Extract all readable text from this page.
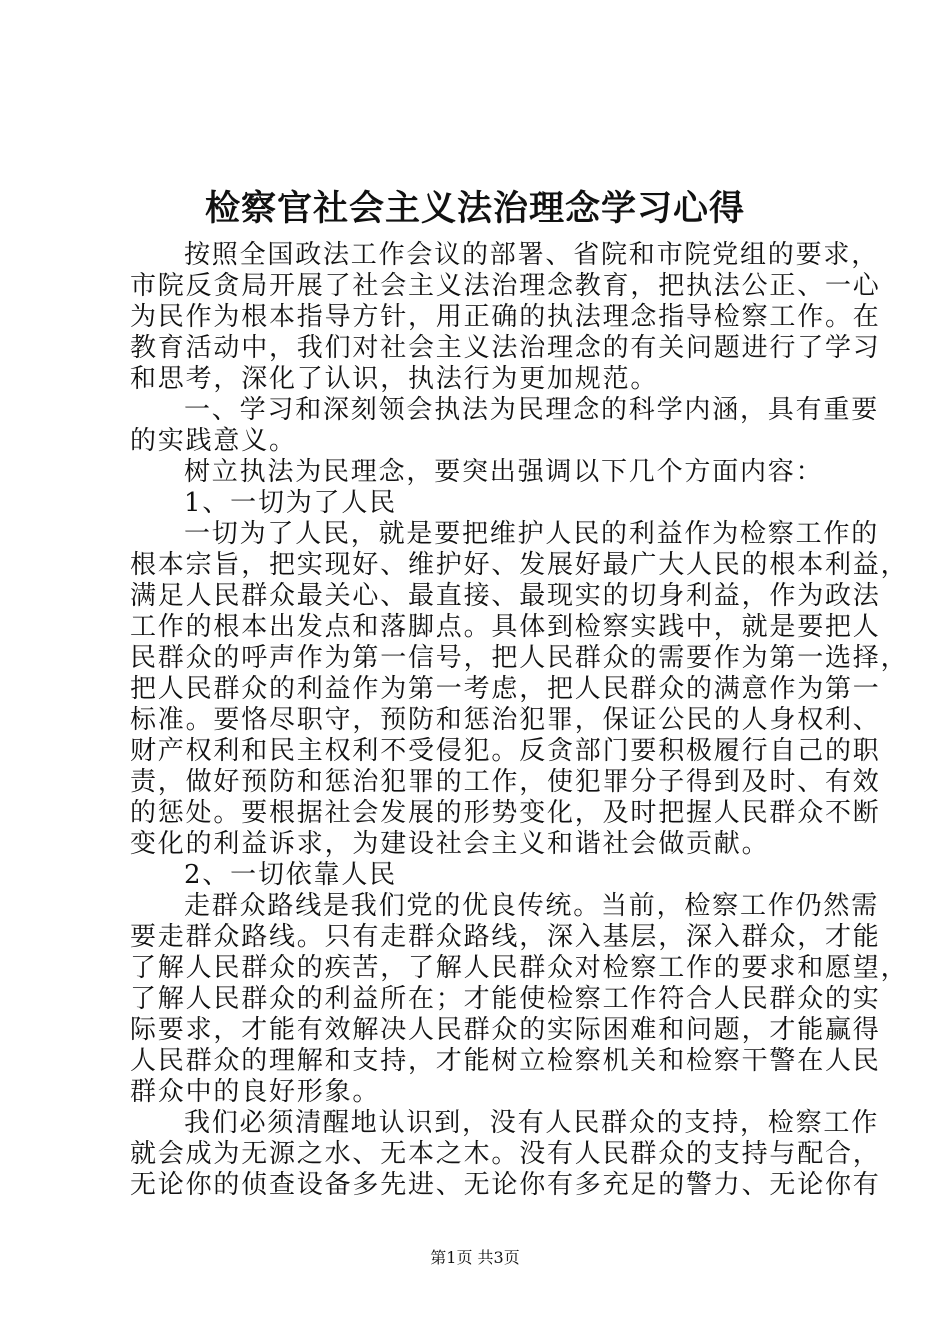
检察官社会主义法治理念学习心得
按照全国政法工作会议的部署、省院和市院党组的要求，
市院反贪局开展了社会主义法治理念教育，把执法公正、一心
为民作为根本指导方针，用正确的执法理念指导检察工作。在
教育活动中，我们对社会主义法治理念的有关问题进行了学习
和思考，深化了认识，执法行为更加规范。
一、学习和深刻领会执法为民理念的科学内涵，具有重要
的实践意义。
树立执法为民理念，要突出强调以下几个方面内容：
1、一切为了人民
一切为了人民，就是要把维护人民的利益作为检察工作的
根本宗旨，把实现好、维护好、发展好最广大人民的根本利益，
满足人民群众最关心、最直接、最现实的切身利益，作为政法
工作的根本出发点和落脚点。具体到检察实践中，就是要把人
民群众的呼声作为第一信号，把人民群众的需要作为第一选择，
把人民群众的利益作为第一考虑，把人民群众的满意作为第一
标准。要恪尽职守，预防和惩治犯罪，保证公民的人身权利、
财产权利和民主权利不受侵犯。反贪部门要积极履行自己的职
责，做好预防和惩治犯罪的工作，使犯罪分子得到及时、有效
的惩处。要根据社会发展的形势变化，及时把握人民群众不断
变化的利益诉求，为建设社会主义和谐社会做贡献。
2、一切依靠人民
走群众路线是我们党的优良传统。当前，检察工作仍然需
要走群众路线。只有走群众路线，深入基层，深入群众，才能
了解人民群众的疾苦，了解人民群众对检察工作的要求和愿望，
了解人民群众的利益所在；才能使检察工作符合人民群众的实
际要求，才能有效解决人民群众的实际困难和问题，才能赢得
人民群众的理解和支持，才能树立检察机关和检察干警在人民
群众中的良好形象。
我们必须清醒地认识到，没有人民群众的支持，检察工作
就会成为无源之水、无本之木。没有人民群众的支持与配合，
无论你的侦查设备多先进、无论你有多充足的警力、无论你有
第1页 共3页
